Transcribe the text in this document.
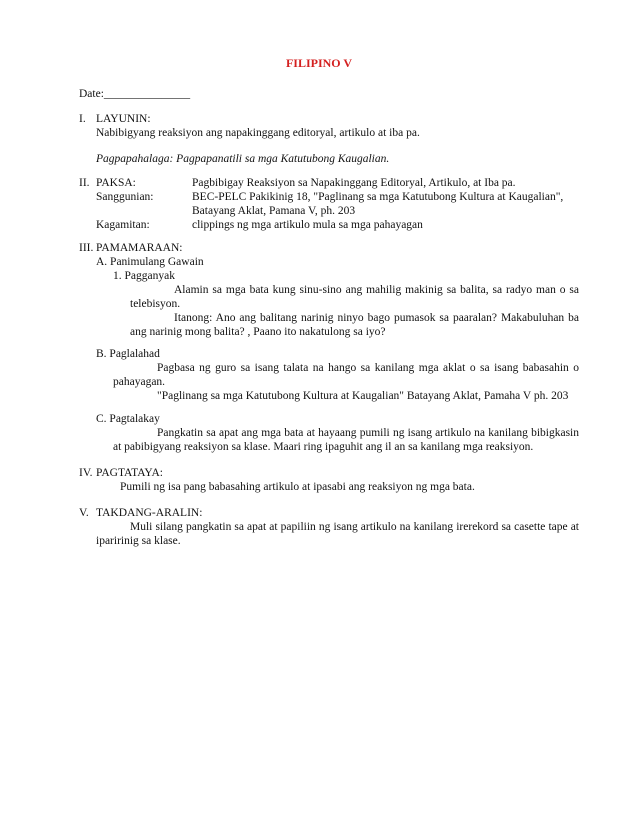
FILIPINO V
Date:_______________
I. LAYUNIN:

Nabibigyang reaksiyon ang napakinggang editoryal, artikulo at iba pa.

Pagpapahalaga: Pagpapanatili sa mga Katutubong Kaugalian.

II. PAKSA:	Pagbibigay Reaksiyon sa Napakinggang Editoryal, Artikulo, at Iba pa.
Sanggunian:	BEC-PELC Pakikinig 18, "Paglinang sa mga Katutubong Kultura at Kaugalian",
Batayang Aklat, Pamana V, ph. 203
Kagamitan:	clippings ng mga artikulo mula sa mga pahayagan
III. PAMAMARAAN:

A. Panimulang Gawain

1. Pagganyak

Alamin sa mga bata kung sinu-sino ang mahilig makinig sa balita, sa radyo man o sa telebisyon.

Itanong: Ano ang balitang narinig ninyo bago pumasok sa paaralan? Makabuluhan ba ang narinig mong balita? , Paano ito nakatulong sa iyo?

B. Paglalahad

Pagbasa ng guro sa isang talata na hango sa kanilang mga aklat o sa isang babasahin o pahayagan.

"Paglinang sa mga Katutubong Kultura at Kaugalian" Batayang Aklat, Pamaha V ph. 203

C. Pagtalakay

Pangkatin sa apat ang mga bata at hayaang pumili ng isang artikulo na kanilang bibigkasin at pabibigyang reaksiyon sa klase. Maari ring ipaguhit ang il an sa kanilang mga reaksiyon.

IV. PAGTATAYA:

Pumili ng isa pang babasahing artikulo at ipasabi ang reaksiyon ng mga bata.

V. TAKDANG-ARALIN:

Muli silang pangkatin sa apat at papiliin ng isang artikulo na kanilang irerekord sa casette tape at iparirinig sa klase.
